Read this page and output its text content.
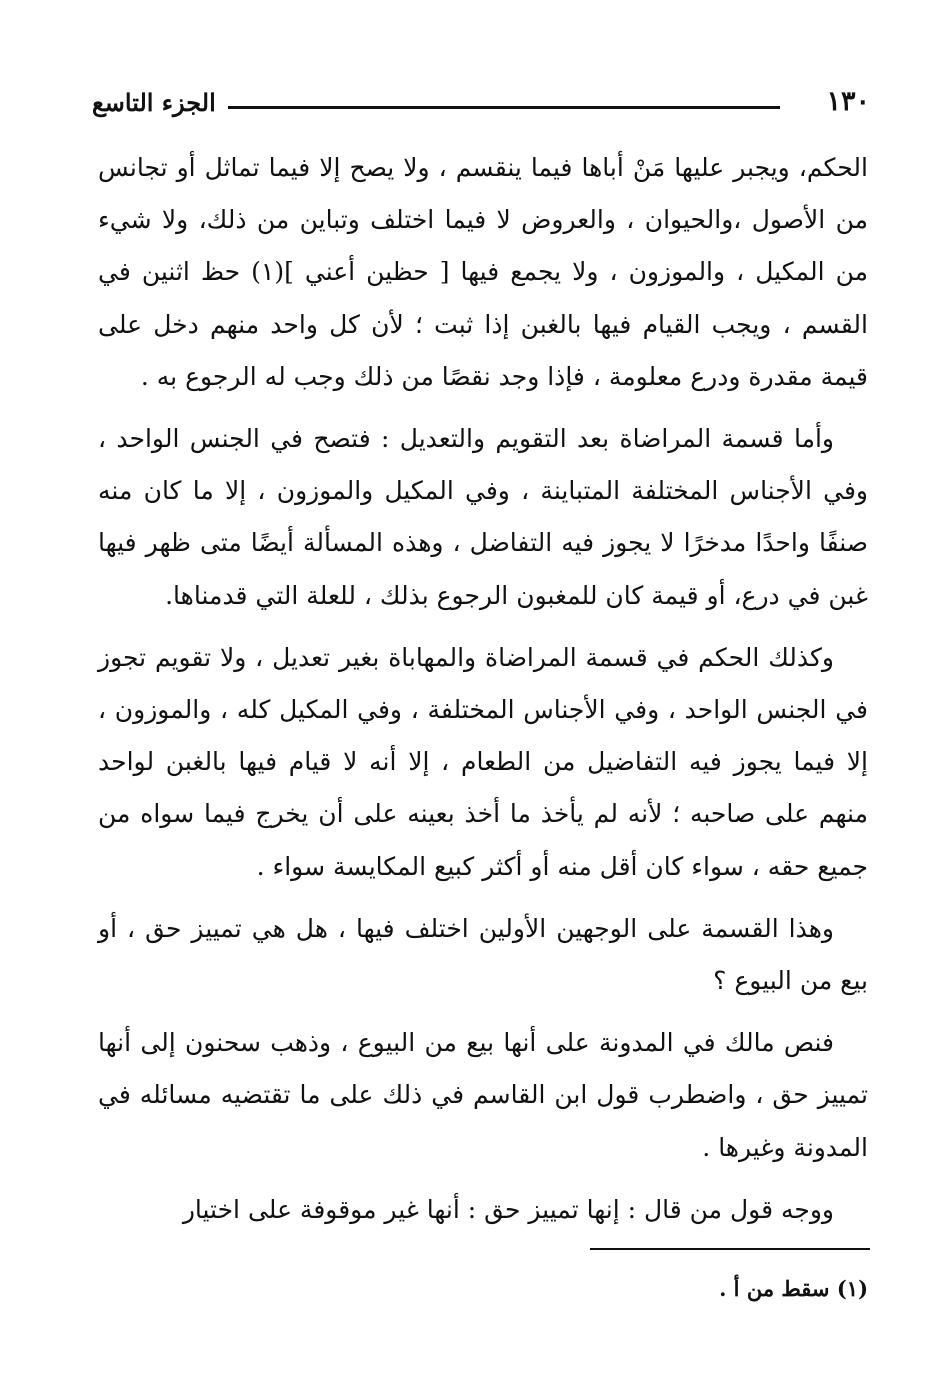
١٣٠
الجزء التاسع

الحكم، ويجبر عليها مَنْ أباها فيما ينقسم ، ولا يصح إلا فيما تماثل أو تجانس من الأصول ،والحيوان ، والعروض لا فيما اختلف وتباين من ذلك، ولا شيء من المكيل ، والموزون ، ولا يجمع فيها [ حظين أعني ](١) حظ اثنين في القسم ، ويجب القيام فيها بالغبن إذا ثبت ؛ لأن كل واحد منهم دخل على قيمة مقدرة ودرع معلومة ، فإذا وجد نقصًا من ذلك وجب له الرجوع به .

وأما قسمة المراضاة بعد التقويم والتعديل : فتصح في الجنس الواحد ، وفي الأجناس المختلفة المتباينة ، وفي المكيل والموزون ، إلا ما كان منه صنفًا واحدًا مدخرًا لا يجوز فيه التفاضل ، وهذه المسألة أيضًا متى ظهر فيها غبن في درع، أو قيمة كان للمغبون الرجوع بذلك ، للعلة التي قدمناها.

وكذلك الحكم في قسمة المراضاة والمهاباة بغير تعديل ، ولا تقويم تجوز في الجنس الواحد ، وفي الأجناس المختلفة ، وفي المكيل كله ، والموزون ، إلا فيما يجوز فيه التفاضيل من الطعام ، إلا أنه لا قيام فيها بالغبن لواحد منهم على صاحبه ؛ لأنه لم يأخذ ما أخذ بعينه على أن يخرج فيما سواه من جميع حقه ، سواء كان أقل منه أو أكثر كبيع المكايسة سواء .

وهذا القسمة على الوجهين الأولين اختلف فيها ، هل هي تمييز حق ، أو بيع من البيوع ؟

فنص مالك في المدونة على أنها بيع من البيوع ، وذهب سحنون إلى أنها تمييز حق ، واضطرب قول ابن القاسم في ذلك على ما تقتضيه مسائله في المدونة وغيرها .

ووجه قول من قال : إنها تمييز حق : أنها غير موقوفة على اختيار

(١) سقط من أ .
